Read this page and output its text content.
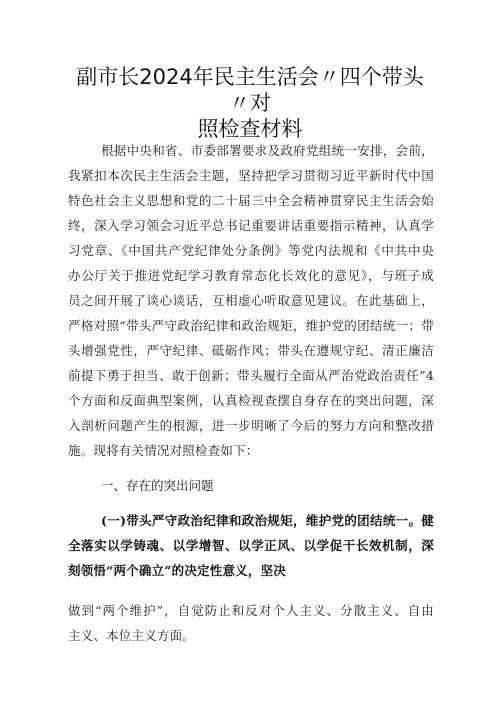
副市长2024年民主生活会〃四个带头〃对
照检查材料
根据中央和省、市委部署要求及政府党组统一安排，会前，
我紧扣本次民主生活会主题，坚持把学习贯彻习近平新时代中国
特色社会主义思想和党的二十届三中全会精神贯穿民主生活会始
终，深入学习领会习近平总书记重要讲话重要指示精神，认真学
习党章、《中国共产党纪律处分条例》等党内法规和《中共中央
办公厅关于推进党纪学习教育常态化长效化的意见》，与班子成
员之间开展了谈心谈话，互相虚心听取意见建议。在此基础上，
严格对照“带头严守政治纪律和政治规矩，维护党的团结统一；带
头增强党性，严守纪律、砥砺作风；带头在遵规守纪、清正廉洁
前提下勇于担当、敢于创新；带头履行全面从严治党政治责任”4
个方面和反面典型案例，认真检视查摆自身存在的突出问题，深
入剖析问题产生的根源，进一步明晰了今后的努力方向和整改措
施。现将有关情况对照检查如下：
一、存在的突出问题
(一)带头严守政治纪律和政治规矩，维护党的团结统一。健
全落实以学铸魂、以学增智、以学正风、以学促干长效机制，深
刻领悟“两个确立”的决定性意义，坚决
做到“两个维护”，自觉防止和反对个人主义、分散主义、自由
主义、本位主义方面。
